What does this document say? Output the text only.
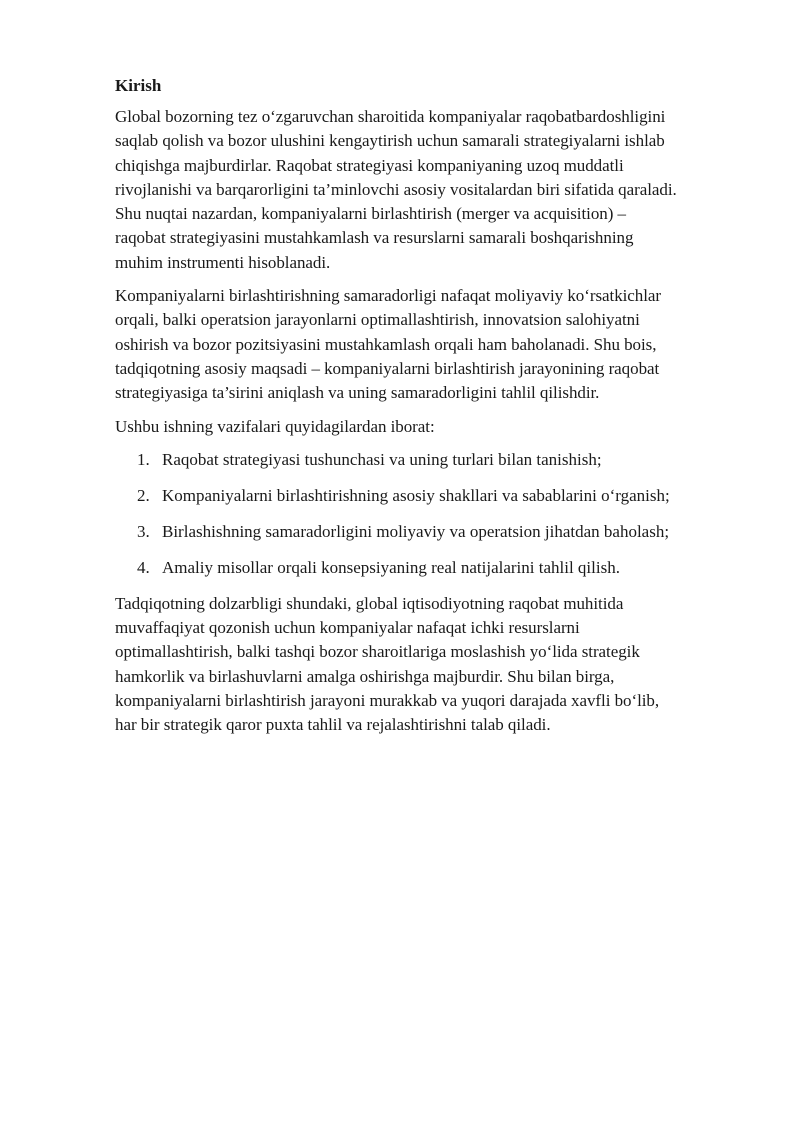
Kirish
Global bozorning tez o‘zgaruvchan sharoitida kompaniyalar raqobatbardoshligini
saqlab qolish va bozor ulushini kengaytirish uchun samarali strategiyalarni ishlab
chiqishga majburdirlar. Raqobat strategiyasi kompaniyaning uzoq muddatli
rivojlanishi va barqarorligini ta’minlovchi asosiy vositalardan biri sifatida qaraladi.
Shu nuqtai nazardan, kompaniyalarni birlashtirish (merger va acquisition) –
raqobat strategiyasini mustahkamlash va resurslarni samarali boshqarishning
muhim instrumenti hisoblanadi.
Kompaniyalarni birlashtirishning samaradorligi nafaqat moliyaviy ko‘rsatkichlar
orqali, balki operatsion jarayonlarni optimallashtirish, innovatsion salohiyatni
oshirish va bozor pozitsiyasini mustahkamlash orqali ham baholanadi. Shu bois,
tadqiqotning asosiy maqsadi – kompaniyalarni birlashtirish jarayonining raqobat
strategiyasiga ta’sirini aniqlash va uning samaradorligini tahlil qilishdir.
Ushbu ishning vazifalari quyidagilardan iborat:
1. Raqobat strategiyasi tushunchasi va uning turlari bilan tanishish;
2. Kompaniyalarni birlashtirishning asosiy shakllari va sabablarini o‘rganish;
3. Birlashishning samaradorligini moliyaviy va operatsion jihatdan baholash;
4. Amaliy misollar orqali konsepsiyaning real natijalarini tahlil qilish.
Tadqiqotning dolzarbligi shundaki, global iqtisodiyotning raqobat muhitida
muvaffaqiyat qozonish uchun kompaniyalar nafaqat ichki resurslarni
optimallashtirish, balki tashqi bozor sharoitlariga moslashish yo‘lida strategik
hamkorlik va birlashuvlarni amalga oshirishga majburdir. Shu bilan birga,
kompaniyalarni birlashtirish jarayoni murakkab va yuqori darajada xavfli bo‘lib,
har bir strategik qaror puxta tahlil va rejalashtirishni talab qiladi.
